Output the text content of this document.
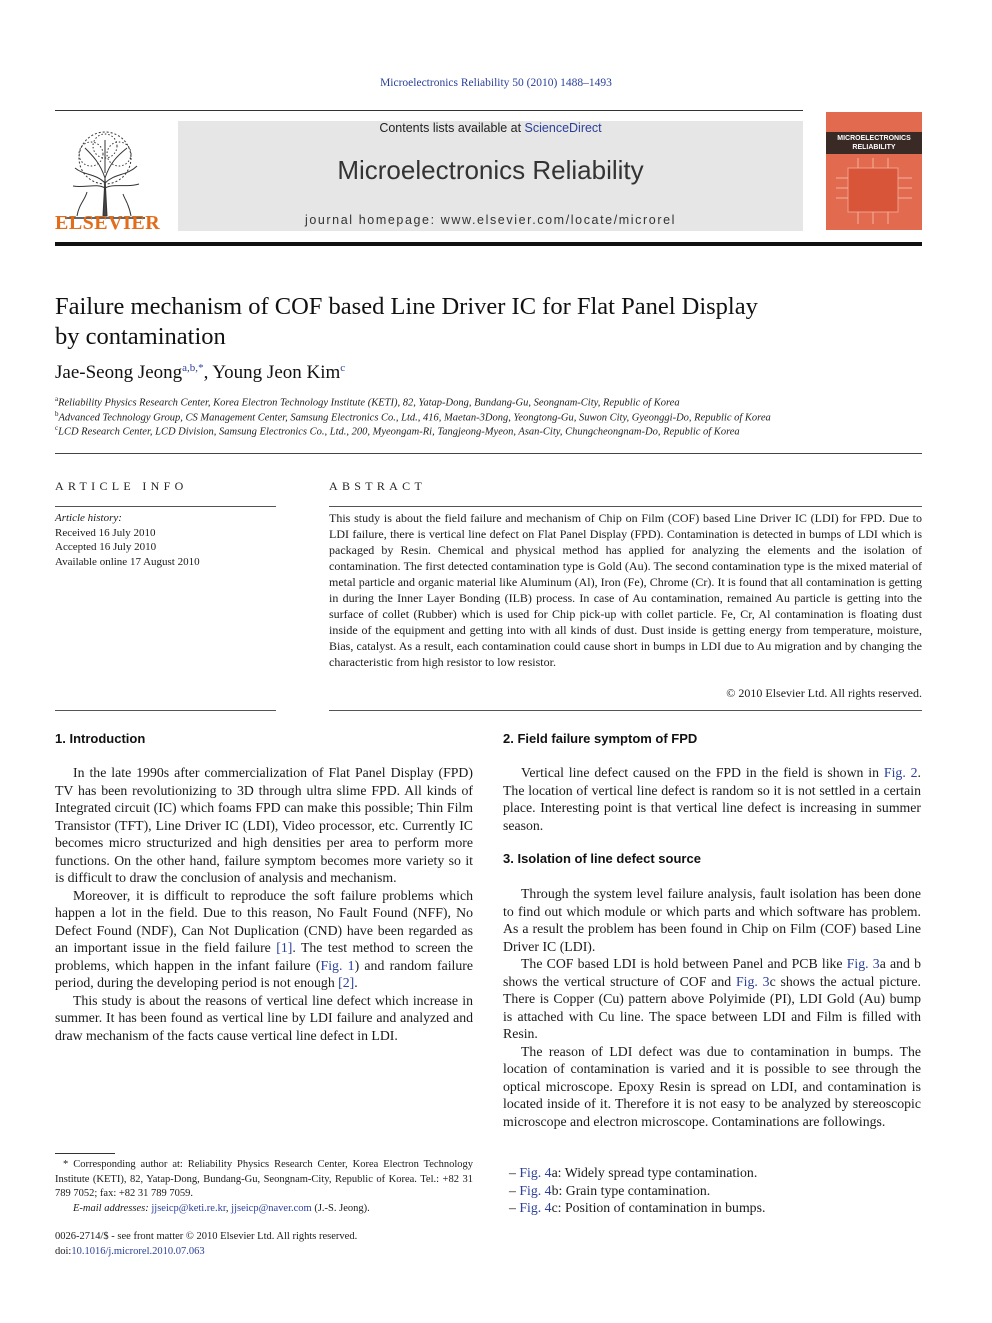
Microelectronics Reliability 50 (2010) 1488–1493
ELSEVIER
Contents lists available at ScienceDirect
Microelectronics Reliability
journal homepage: www.elsevier.com/locate/microrel
MICROELECTRONICS
RELIABILITY
Failure mechanism of COF based Line Driver IC for Flat Panel Display
by contamination
Jae-Seong Jeong$^{a,b,*}$, Young Jeon Kim$^c$
$^a$Reliability Physics Research Center, Korea Electron Technology Institute (KETI), 82, Yatap-Dong, Bundang-Gu, Seongnam-City, Republic of Korea
$^b$Advanced Technology Group, CS Management Center, Samsung Electronics Co., Ltd., 416, Maetan-3Dong, Yeongtong-Gu, Suwon City, Gyeonggi-Do, Republic of Korea
$^c$LCD Research Center, LCD Division, Samsung Electronics Co., Ltd., 200, Myeongam-Ri, Tangjeong-Myeon, Asan-City, Chungcheongnam-Do, Republic of Korea
ARTICLE INFO	ABSTRACT
Article history:
Received 16 July 2010
Accepted 16 July 2010
Available online 17 August 2010
This study is about the field failure and mechanism of Chip on Film (COF) based Line Driver IC (LDI) for FPD. Due to LDI failure, there is vertical line defect on Flat Panel Display (FPD). Contamination is detected in bumps of LDI which is packaged by Resin. Chemical and physical method has applied for analyzing the elements and the isolation of contamination. The first detected contamination type is Gold (Au). The second contamination type is the mixed material of metal particle and organic material like Aluminum (Al), Iron (Fe), Chrome (Cr). It is found that all contamination is getting in during the Inner Layer Bonding (ILB) process. In case of Au contamination, remained Au particle is getting into the surface of collet (Rubber) which is used for Chip pick-up with collet particle. Fe, Cr, Al contamination is floating dust inside of the equipment and getting into with all kinds of dust. Dust inside is getting energy from temperature, moisture, Bias, catalyst. As a result, each contamination could cause short in bumps in LDI due to Au migration and by changing the characteristic from high resistor to low resistor.
© 2010 Elsevier Ltd. All rights reserved.
1. Introduction

In the late 1990s after commercialization of Flat Panel Display (FPD) TV has been revolutionizing to 3D through ultra slime FPD. All kinds of Integrated circuit (IC) which foams FPD can make this possible; Thin Film Transistor (TFT), Line Driver IC (LDI), Video processor, etc. Currently IC becomes micro structurized and high densities per area to perform more functions. On the other hand, failure symptom becomes more variety so it is difficult to draw the conclusion of analysis and mechanism.

Moreover, it is difficult to reproduce the soft failure problems which happen a lot in the field. Due to this reason, No Fault Found (NFF), No Defect Found (NDF), Can Not Duplication (CND) have been regarded as an important issue in the field failure [1]. The test method to screen the problems, which happen in the infant failure (Fig. 1) and random failure period, during the developing period is not enough [2].

This study is about the reasons of vertical line defect which increase in summer. It has been found as vertical line by LDI failure and analyzed and draw mechanism of the facts cause vertical line defect in LDI.

2. Field failure symptom of FPD

Vertical line defect caused on the FPD in the field is shown in Fig. 2. The location of vertical line defect is random so it is not settled in a certain place. Interesting point is that vertical line defect is increasing in summer season.

3. Isolation of line defect source

Through the system level failure analysis, fault isolation has been done to find out which module or which parts and which software has problem. As a result the problem has been found in Chip on Film (COF) based Line Driver IC (LDI).

The COF based LDI is hold between Panel and PCB like Fig. 3a and b shows the vertical structure of COF and Fig. 3c shows the actual picture. There is Copper (Cu) pattern above Polyimide (PI), LDI Gold (Au) bump is attached with Cu line. The space between LDI and Film is filled with Resin.

The reason of LDI defect was due to contamination in bumps. The location of contamination is varied and it is possible to see through the optical microscope. Epoxy Resin is spread on LDI, and contamination is located inside of it. Therefore it is not easy to be analyzed by stereoscopic microscope and electron microscope. Contaminations are followings.

– Fig. 4a: Widely spread type contamination.
– Fig. 4b: Grain type contamination.
– Fig. 4c: Position of contamination in bumps.
* Corresponding author at: Reliability Physics Research Center, Korea Electron Technology Institute (KETI), 82, Yatap-Dong, Bundang-Gu, Seongnam-City, Republic of Korea. Tel.: +82 31 789 7052; fax: +82 31 789 7059.
E-mail addresses: jjseicp@keti.re.kr, jjseicp@naver.com (J.-S. Jeong).
0026-2714/$ - see front matter © 2010 Elsevier Ltd. All rights reserved.
doi:10.1016/j.microrel.2010.07.063
